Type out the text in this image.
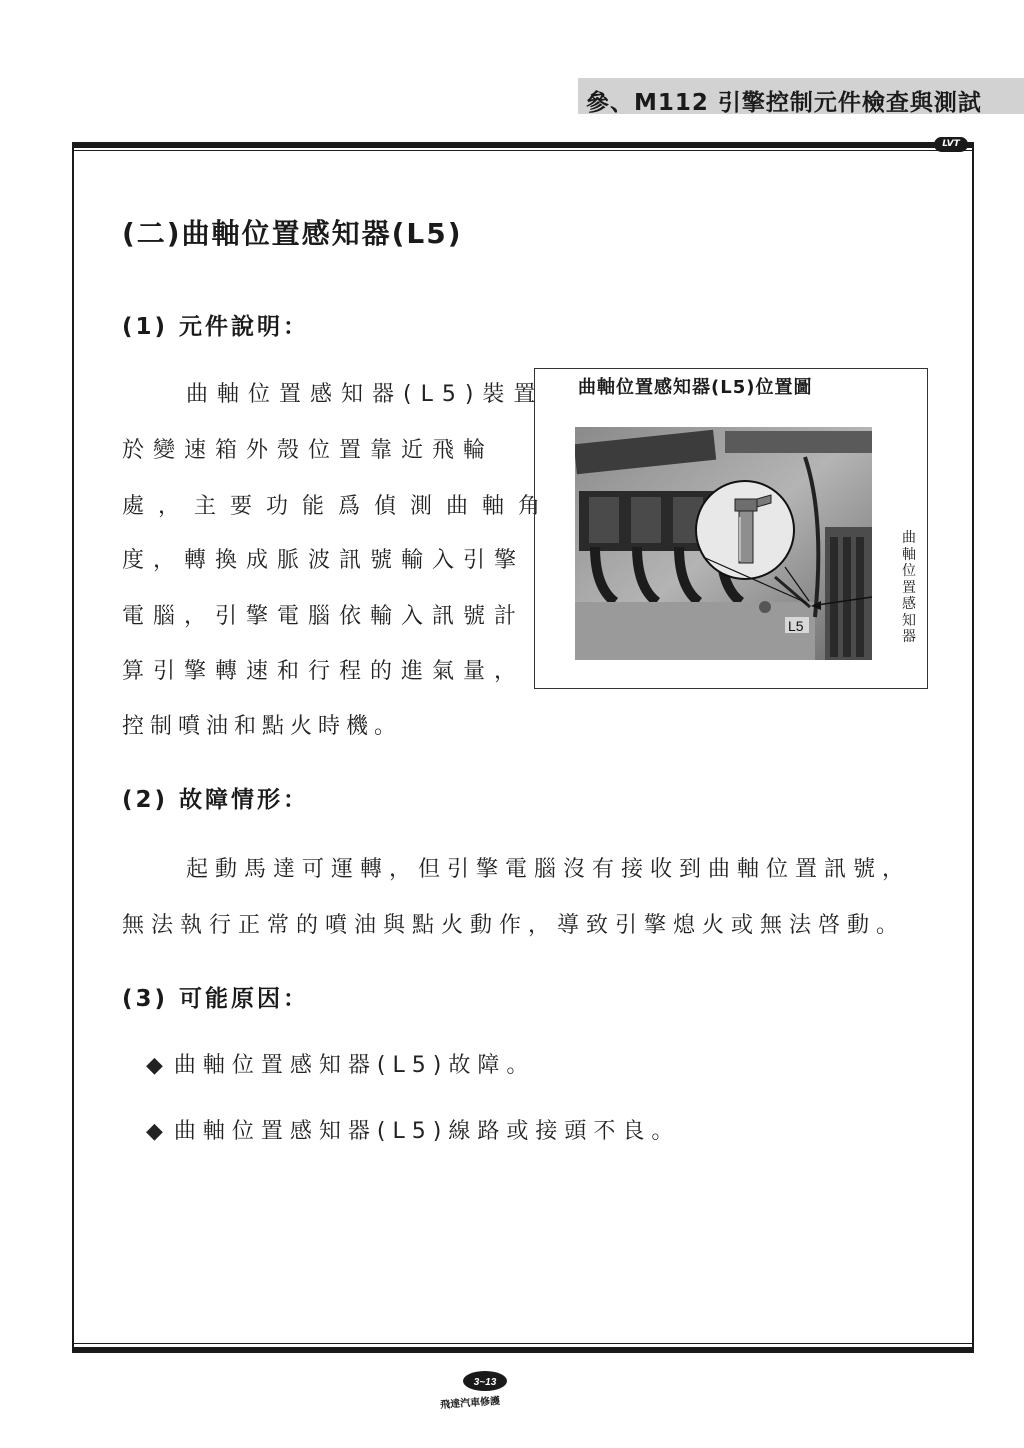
參、M112 引擎控制元件檢查與測試
LVT
(二)曲軸位置感知器(L5)
(1) 元件說明：
曲軸位置感知器(L5)裝置
於變速箱外殼位置靠近飛輪
處，主要功能爲偵測曲軸角
度，轉換成脈波訊號輸入引擎
電腦，引擎電腦依輸入訊號計
算引擎轉速和行程的進氣量，
控制噴油和點火時機。
曲軸位置感知器(L5)位置圖
L5
曲軸位置感知器
(2) 故障情形：
起動馬達可運轉，但引擎電腦沒有接收到曲軸位置訊號，
無法執行正常的噴油與點火動作，導致引擎熄火或無法啓動。
(3) 可能原因：
◆ 曲軸位置感知器(L5)故障。
◆ 曲軸位置感知器(L5)線路或接頭不良。
3~13
飛達汽車修護
